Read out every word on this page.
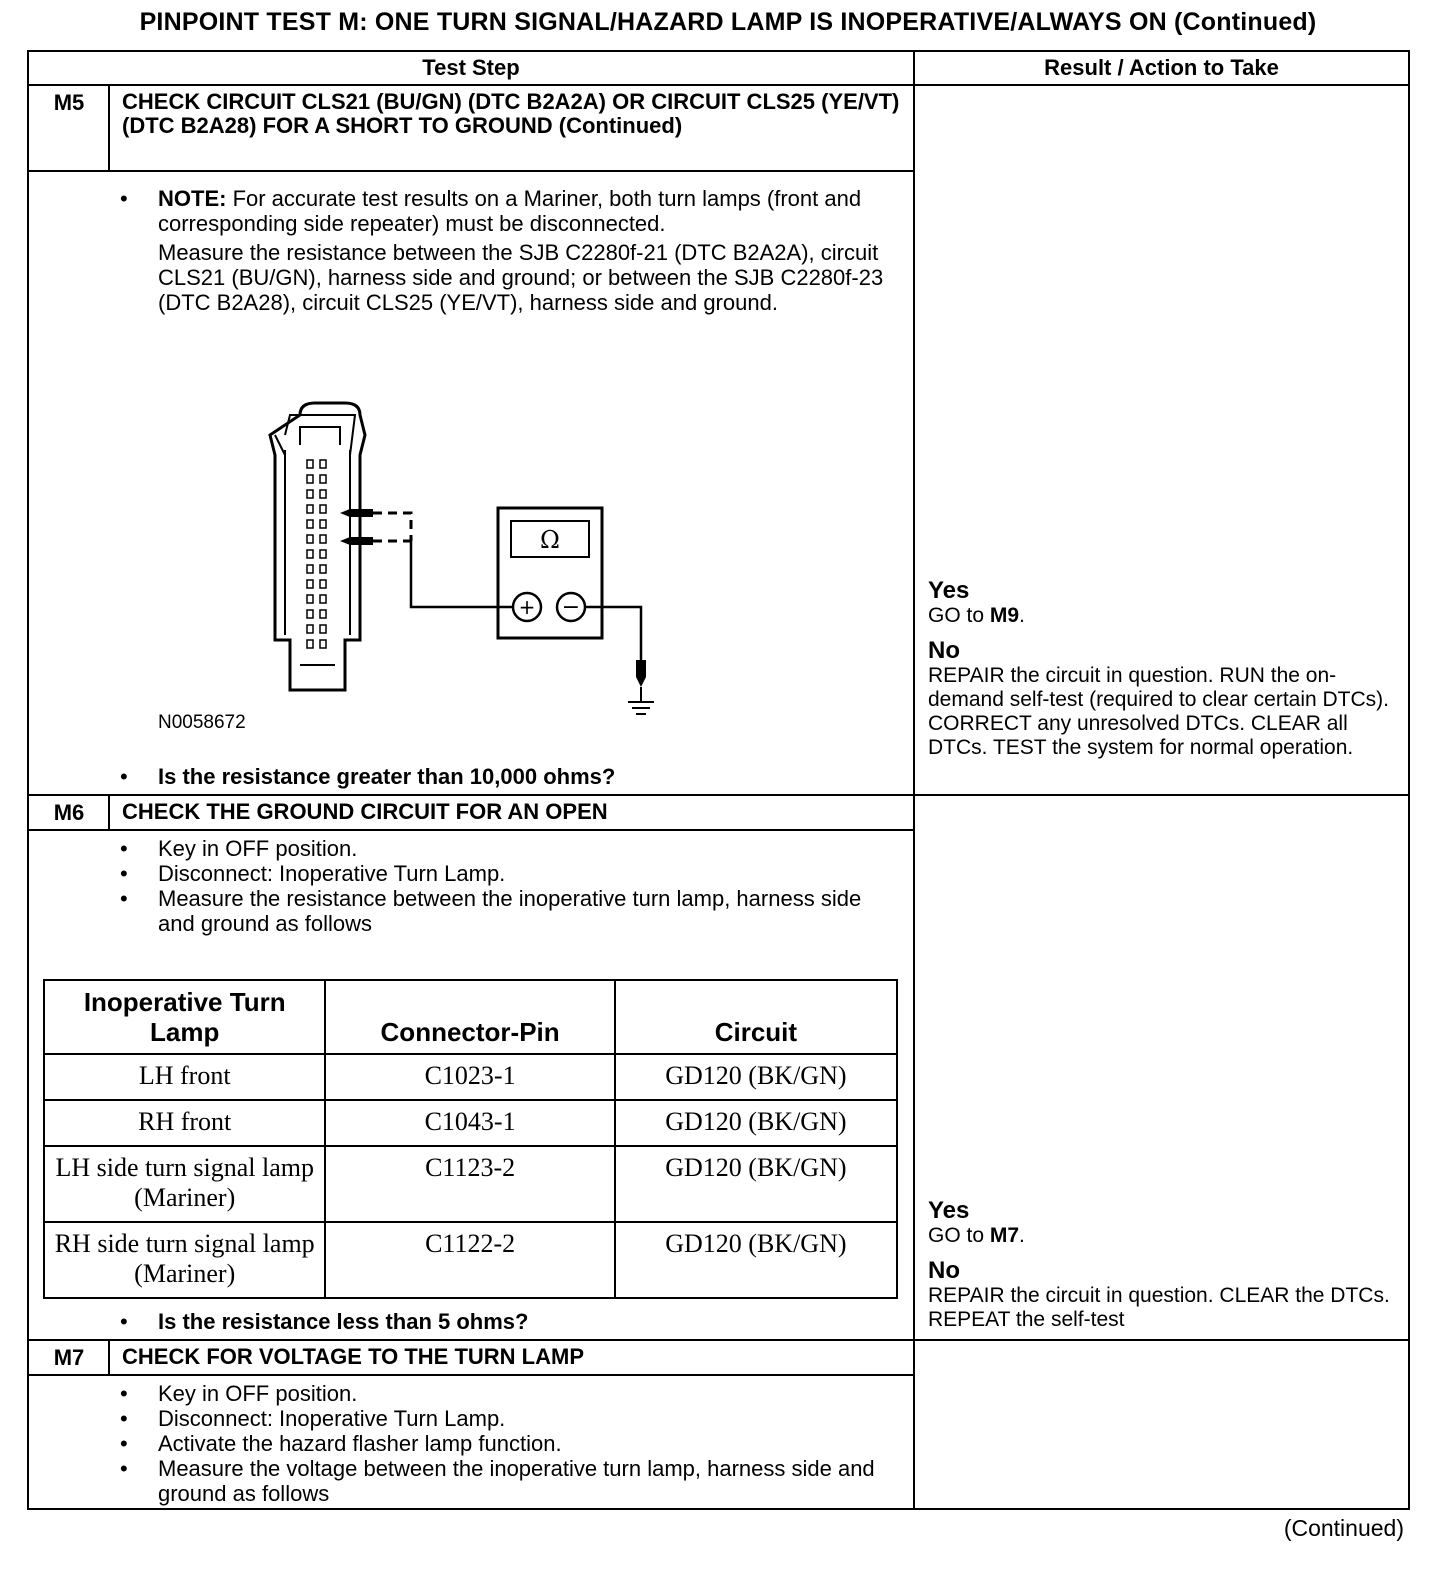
PINPOINT TEST M: ONE TURN SIGNAL/HAZARD LAMP IS INOPERATIVE/ALWAYS ON (Continued)
Test Step	Result / Action to Take
M5	CHECK CIRCUIT CLS21 (BU/GN) (DTC B2A2A) OR CIRCUIT CLS25 (YE/VT) (DTC B2A28) FOR A SHORT TO GROUND (Continued)
•	NOTE: For accurate test results on a Mariner, both turn lamps (front and corresponding side repeater) must be disconnected.
Measure the resistance between the SJB C2280f-21 (DTC B2A2A), circuit CLS21 (BU/GN), harness side and ground; or between the SJB C2280f-23 (DTC B2A28), circuit CLS25 (YE/VT), harness side and ground.
Ω
+ −
N0058672
•	Is the resistance greater than 10,000 ohms?
Yes
GO to M9.
No
REPAIR the circuit in question. RUN the on-demand self-test (required to clear certain DTCs). CORRECT any unresolved DTCs. CLEAR all DTCs. TEST the system for normal operation.
M6	CHECK THE GROUND CIRCUIT FOR AN OPEN
•	Key in OFF position.
•	Disconnect: Inoperative Turn Lamp.
•	Measure the resistance between the inoperative turn lamp, harness side and ground as follows
Inoperative Turn Lamp	Connector-Pin	Circuit
LH front	C1023-1	GD120 (BK/GN)
RH front	C1043-1	GD120 (BK/GN)
LH side turn signal lamp (Mariner)	C1123-2	GD120 (BK/GN)
RH side turn signal lamp (Mariner)	C1122-2	GD120 (BK/GN)
•	Is the resistance less than 5 ohms?
Yes
GO to M7.
No
REPAIR the circuit in question. CLEAR the DTCs. REPEAT the self-test
M7	CHECK FOR VOLTAGE TO THE TURN LAMP
•	Key in OFF position.
•	Disconnect: Inoperative Turn Lamp.
•	Activate the hazard flasher lamp function.
•	Measure the voltage between the inoperative turn lamp, harness side and ground as follows
(Continued)
